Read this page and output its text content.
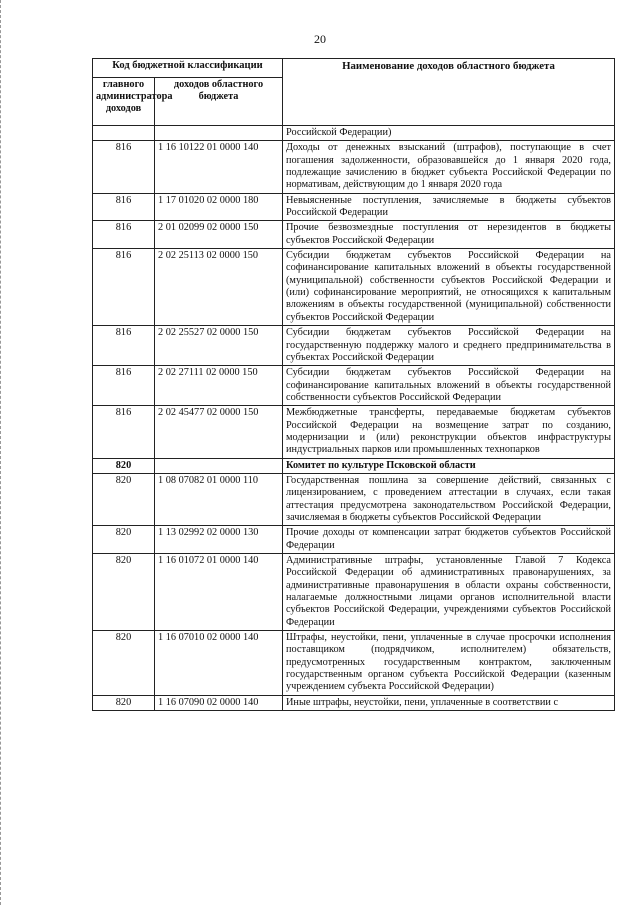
20
Код бюджетной классификации		Наименование доходов областного бюджета
главного администратора доходов	доходов областного бюджета	
		Российской Федерации)
816	1 16 10122 01 0000 140	Доходы от денежных взысканий (штрафов), поступающие в счет погашения задолженности, образовавшейся до 1 января 2020 года, подлежащие зачислению в бюджет субъекта Российской Федерации по нормативам, действующим до 1 января 2020 года
816	1 17 01020 02 0000 180	Невыясненные поступления, зачисляемые в бюджеты субъектов Российской Федерации
816	2 01 02099 02 0000 150	Прочие безвозмездные поступления от нерезидентов в бюджеты субъектов Российской Федерации
816	2 02 25113 02 0000 150	Субсидии бюджетам субъектов Российской Федерации на софинансирование капитальных вложений в объекты государственной (муниципальной) собственности субъектов Российской Федерации и (или) софинансирование мероприятий, не относящихся к капитальным вложениям в объекты государственной (муниципальной) собственности субъектов Российской Федерации
816	2 02 25527 02 0000 150	Субсидии бюджетам субъектов Российской Федерации на государственную поддержку малого и среднего предпринимательства в субъектах Российской Федерации
816	2 02 27111 02 0000 150	Субсидии бюджетам субъектов Российской Федерации на софинансирование капитальных вложений в объекты государственной собственности субъектов Российской Федерации
816	2 02 45477 02 0000 150	Межбюджетные трансферты, передаваемые бюджетам субъектов Российской Федерации на возмещение затрат по созданию, модернизации и (или) реконструкции объектов инфраструктуры индустриальных парков или промышленных технопарков
820		Комитет по культуре Псковской области
820	1 08 07082 01 0000 110	Государственная пошлина за совершение действий, связанных с лицензированием, с проведением аттестации в случаях, если такая аттестация предусмотрена законодательством Российской Федерации, зачисляемая в бюджеты субъектов Российской Федерации
820	1 13 02992 02 0000 130	Прочие доходы от компенсации затрат бюджетов субъектов Российской Федерации
820	1 16 01072 01 0000 140	Административные штрафы, установленные Главой 7 Кодекса Российской Федерации об административных правонарушениях, за административные правонарушения в области охраны собственности, налагаемые должностными лицами органов исполнительной власти субъектов Российской Федерации, учреждениями субъектов Российской Федерации
820	1 16 07010 02 0000 140	Штрафы, неустойки, пени, уплаченные в случае просрочки исполнения поставщиком (подрядчиком, исполнителем) обязательств, предусмотренных государственным контрактом, заключенным государственным органом субъекта Российской Федерации (казенным учреждением субъекта Российской Федерации)
820	1 16 07090 02 0000 140	Иные штрафы, неустойки, пени, уплаченные в соответствии с
